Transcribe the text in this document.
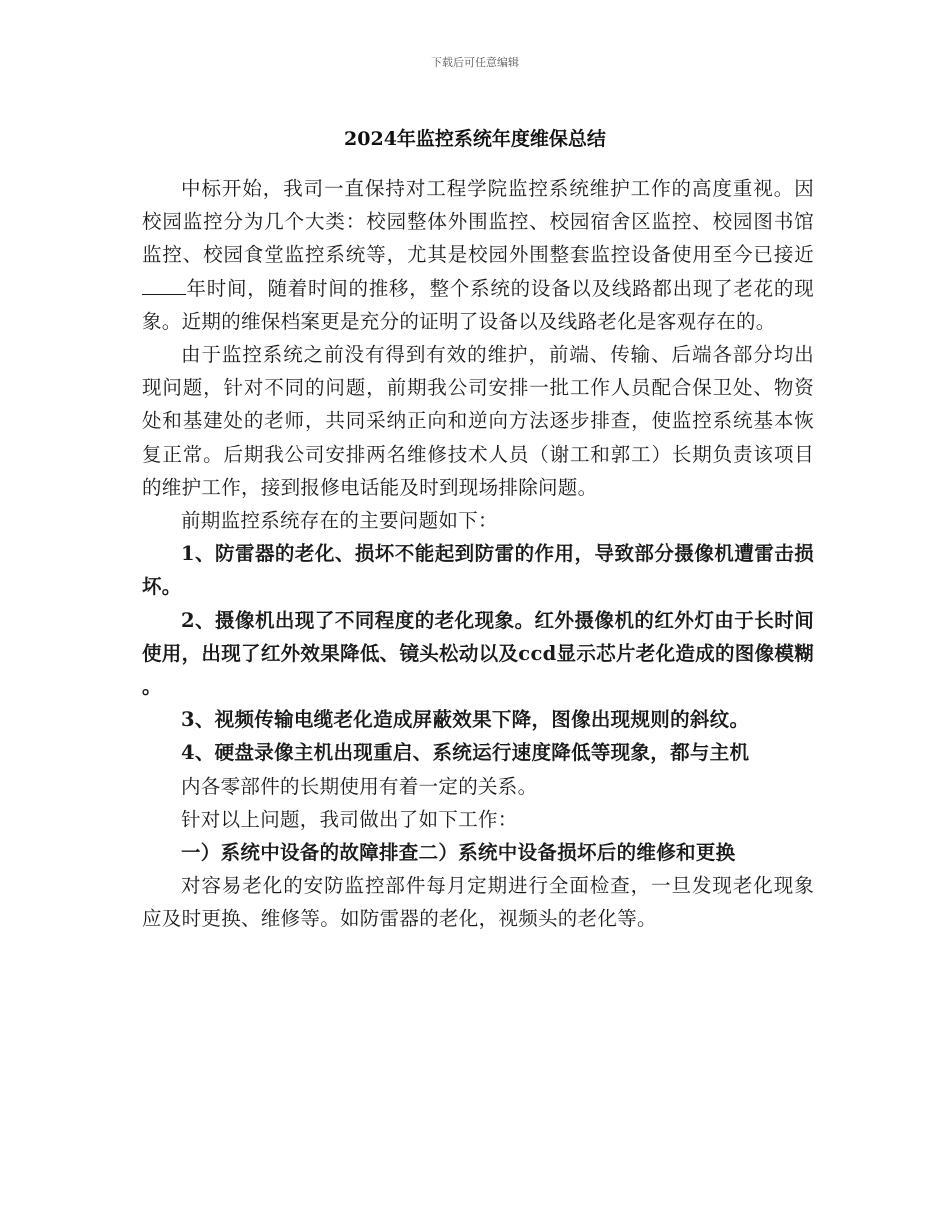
下载后可任意编辑
2024年监控系统年度维保总结

中标开始，我司一直保持对工程学院监控系统维护工作的高度重视。因校园监控分为几个大类：校园整体外围监控、校园宿舍区监控、校园图书馆监控、校园食堂监控系统等，尤其是校园外围整套监控设备使用至今已接近年时间，随着时间的推移，整个系统的设备以及线路都出现了老花的现象。近期的维保档案更是充分的证明了设备以及线路老化是客观存在的。

由于监控系统之前没有得到有效的维护，前端、传输、后端各部分均出现问题，针对不同的问题，前期我公司安排一批工作人员配合保卫处、物资处和基建处的老师，共同采纳正向和逆向方法逐步排查，使监控系统基本恢复正常。后期我公司安排两名维修技术人员（谢工和郭工）长期负责该项目的维护工作，接到报修电话能及时到现场排除问题。

前期监控系统存在的主要问题如下：

1、防雷器的老化、损坏不能起到防雷的作用，导致部分摄像机遭雷击损坏。

2、摄像机出现了不同程度的老化现象。红外摄像机的红外灯由于长时间使用，出现了红外效果降低、镜头松动以及ccd显示芯片老化造成的图像模糊。

3、视频传输电缆老化造成屏蔽效果下降，图像出现规则的斜纹。

4、硬盘录像主机出现重启、系统运行速度降低等现象，都与主机

内各零部件的长期使用有着一定的关系。

针对以上问题，我司做出了如下工作：

一）系统中设备的故障排查二）系统中设备损坏后的维修和更换

对容易老化的安防监控部件每月定期进行全面检查，一旦发现老化现象应及时更换、维修等。如防雷器的老化，视频头的老化等。
